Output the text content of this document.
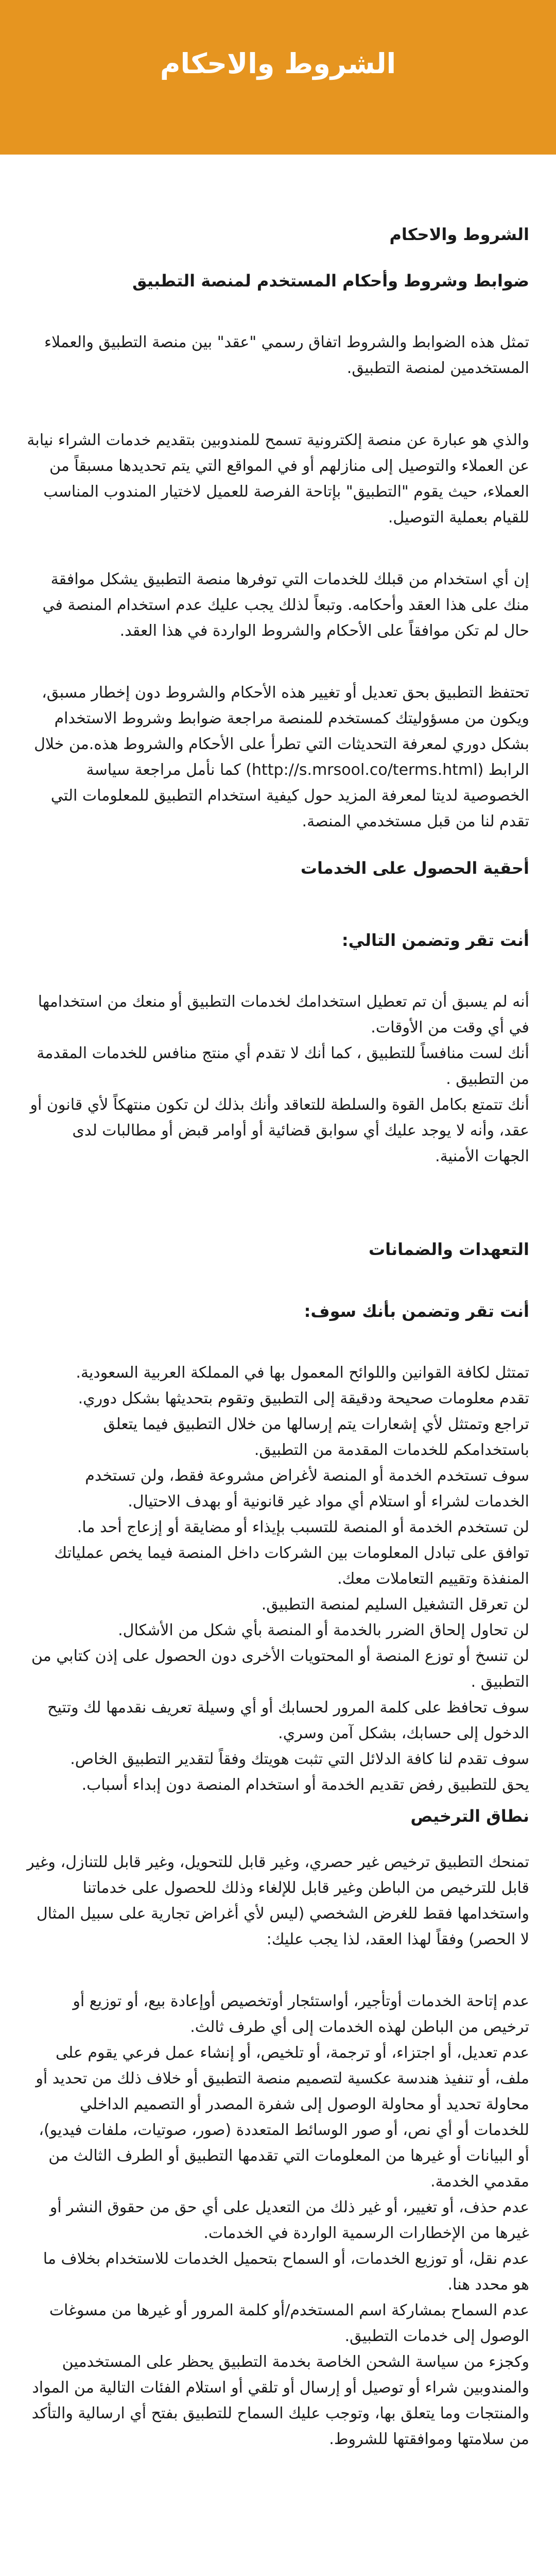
الشروط والاحكام

الشروط والاحكام

ضوابط وشروط وأحكام المستخدم لمنصة التطبيق

تمثل هذه الضوابط والشروط اتفاق رسمي "عقد" بين منصة التطبيق والعملاء المستخدمين لمنصة التطبيق.

والذي هو عبارة عن منصة إلكترونية تسمح للمندوبين بتقديم خدمات الشراء نيابة عن العملاء والتوصيل إلى منازلهم أو في المواقع التي يتم تحديدها مسبقاً من العملاء، حيث يقوم "التطبيق" بإتاحة الفرصة للعميل لاختيار المندوب المناسب للقيام بعملية التوصيل.

إن أي استخدام من قبلك للخدمات التي توفرها منصة التطبيق يشكل موافقة منك على هذا العقد وأحكامه. وتبعاً لذلك يجب عليك عدم استخدام المنصة في حال لم تكن موافقاً على الأحكام والشروط الواردة في هذا العقد.

تحتفظ التطبيق بحق تعديل أو تغيير هذه الأحكام والشروط دون إخطار مسبق، ويكون من مسؤوليتك كمستخدم للمنصة مراجعة ضوابط وشروط الاستخدام بشكل دوري لمعرفة التحديثات التي تطرأ على الأحكام والشروط هذه.من خلال الرابط (http://s.mrsool.co/terms.html) كما نأمل مراجعة سياسة الخصوصية لديتا لمعرفة المزيد حول كيفية استخدام التطبيق للمعلومات التي تقدم لنا من قبل مستخدمي المنصة.

أحقية الحصول على الخدمات

أنت تقر وتضمن التالي:

أنه لم يسبق أن تم تعطيل استخدامك لخدمات التطبيق أو منعك من استخدامها في أي وقت من الأوقات.
أنك لست منافساً للتطبيق ، كما أنك لا تقدم أي منتج منافس للخدمات المقدمة من التطبيق .
أنك تتمتع بكامل القوة والسلطة للتعاقد وأنك بذلك لن تكون منتهكاً لأي قانون أو عقد، وأنه لا يوجد عليك أي سوابق قضائية أو أوامر قبض أو مطالبات لدى الجهات الأمنية.

التعهدات والضمانات

أنت تقر وتضمن بأنك سوف:

تمتثل لكافة القوانين واللوائح المعمول بها في المملكة العربية السعودية.
تقدم معلومات صحيحة ودقيقة إلى التطبيق وتقوم بتحديثها بشكل دوري.
تراجع وتمتثل لأي إشعارات يتم إرسالها من خلال التطبيق فيما يتعلق باستخدامكم للخدمات المقدمة من التطبيق.
سوف تستخدم الخدمة أو المنصة لأغراض مشروعة فقط، ولن تستخدم الخدمات لشراء أو استلام أي مواد غير قانونية أو بهدف الاحتيال.
لن تستخدم الخدمة أو المنصة للتسبب بإيذاء أو مضايقة أو إزعاج أحد ما.
توافق على تبادل المعلومات بين الشركات داخل المنصة فيما يخص عملياتك المنفذة وتقييم التعاملات معك.
لن تعرقل التشغيل السليم لمنصة التطبيق.
لن تحاول إلحاق الضرر بالخدمة أو المنصة بأي شكل من الأشكال.
لن تنسخ أو توزع المنصة أو المحتويات الأخرى دون الحصول على إذن كتابي من التطبيق .
سوف تحافظ على كلمة المرور لحسابك أو أي وسيلة تعريف نقدمها لك وتتيح الدخول إلى حسابك، بشكل آمن وسري.
سوف تقدم لنا كافة الدلائل التي تثبت هويتك وفقاً لتقدير التطبيق الخاص.
يحق للتطبيق رفض تقديم الخدمة أو استخدام المنصة دون إبداء أسباب.

نطاق الترخيص

تمنحك التطبيق ترخيص غير حصري، وغير قابل للتحويل، وغير قابل للتنازل، وغير قابل للترخيص من الباطن وغير قابل للإلغاء وذلك للحصول على خدماتنا واستخدامها فقط للغرض الشخصي (ليس لأي أغراض تجارية على سبيل المثال لا الحصر) وفقاً لهذا العقد، لذا يجب عليك:

عدم إتاحة الخدمات أوتأجير، أواستئجار أوتخصيص أوإعادة بيع، أو توزيع أو ترخيص من الباطن لهذه الخدمات إلى أي طرف ثالث.
عدم تعديل، أو اجتزاء، أو ترجمة، أو تلخيص، أو إنشاء عمل فرعي يقوم على ملف، أو تنفيذ هندسة عكسية لتصميم منصة التطبيق أو خلاف ذلك من تحديد أو محاولة تحديد أو محاولة الوصول إلى شفرة المصدر أو التصميم الداخلي للخدمات أو أي نص، أو صور الوسائط المتعددة (صور، صوتيات، ملفات فيديو)، أو البيانات أو غيرها من المعلومات التي تقدمها التطبيق أو الطرف الثالث من مقدمي الخدمة.
عدم حذف، أو تغيير، أو غير ذلك من التعديل على أي حق من حقوق النشر أو غيرها من الإخطارات الرسمية الواردة في الخدمات.
عدم نقل، أو توزيع الخدمات، أو السماح بتحميل الخدمات للاستخدام بخلاف ما هو محدد هنا.
عدم السماح بمشاركة اسم المستخدم/أو كلمة المرور أو غيرها من مسوغات الوصول إلى خدمات التطبيق.
وكجزء من سياسة الشحن الخاصة بخدمة التطبيق يحظر على المستخدمين والمندوبين شراء أو توصيل أو إرسال أو تلقي أو استلام الفئات التالية من المواد والمنتجات وما يتعلق بها، وتوجب عليك السماح للتطبيق بفتح أي ارسالية والتأكد من سلامتها وموافقتها للشروط.
